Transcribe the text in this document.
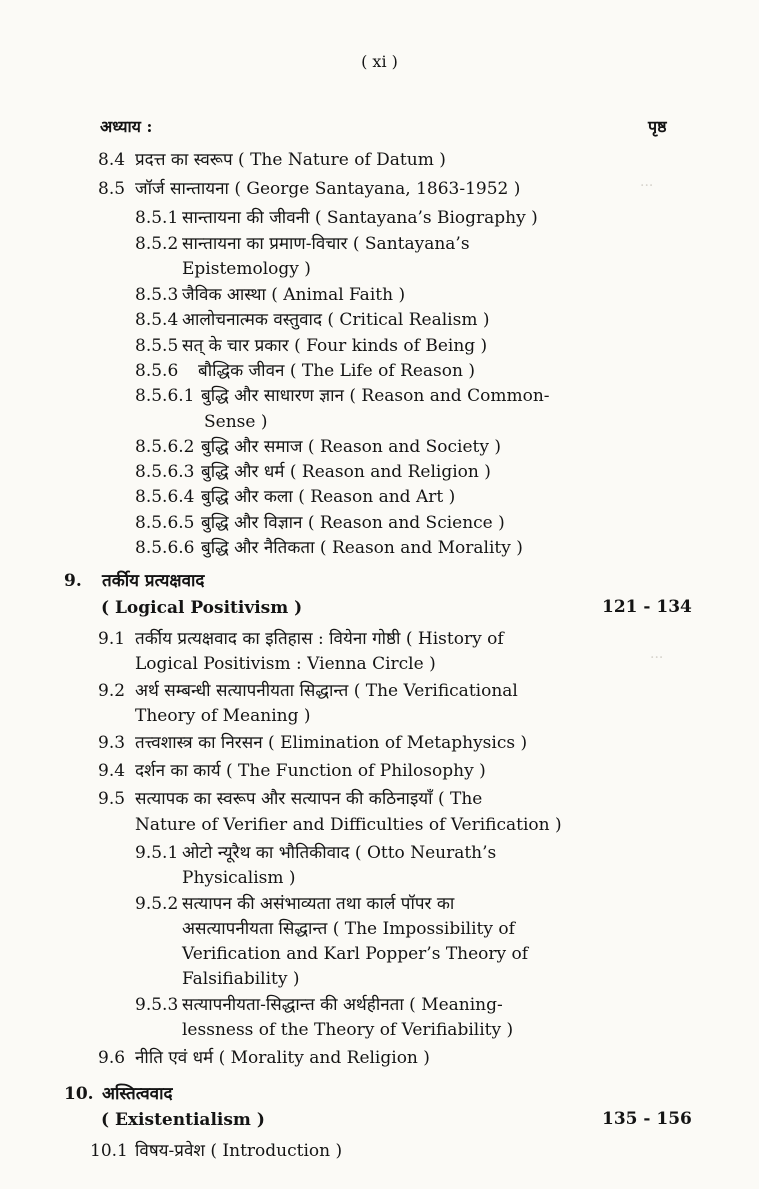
( xi )
अध्याय :	पृष्ठ
···
···
8.4 प्रदत्त का स्वरूप ( The Nature of Datum )
8.5 जॉर्ज सान्तायना ( George Santayana, 1863-1952 )
8.5.1 सान्तायना की जीवनी ( Santayana’s Biography )
8.5.2 सान्तायना का प्रमाण-विचार ( Santayana’s
Epistemology )
8.5.3 जैविक आस्था ( Animal Faith )
8.5.4 आलोचनात्मक वस्तुवाद ( Critical Realism )
8.5.5 सत् के चार प्रकार ( Four kinds of Being )
8.5.6 बौद्धिक जीवन ( The Life of Reason )
8.5.6.1 बुद्धि और साधारण ज्ञान ( Reason and Common-
Sense )
8.5.6.2 बुद्धि और समाज ( Reason and Society )
8.5.6.3 बुद्धि और धर्म ( Reason and Religion )
8.5.6.4 बुद्धि और कला ( Reason and Art )
8.5.6.5 बुद्धि और विज्ञान ( Reason and Science )
8.5.6.6 बुद्धि और नैतिकता ( Reason and Morality )
9. तर्कीय प्रत्यक्षवाद
( Logical Positivism )	121 - 134
9.1 तर्कीय प्रत्यक्षवाद का इतिहास : वियेना गोष्ठी ( History of
Logical Positivism : Vienna Circle )
9.2 अर्थ सम्बन्धी सत्यापनीयता सिद्धान्त ( The Verificational
Theory of Meaning )
9.3 तत्त्वशास्त्र का निरसन ( Elimination of Metaphysics )
9.4 दर्शन का कार्य ( The Function of Philosophy )
9.5 सत्यापक का स्वरूप और सत्यापन की कठिनाइयाँ ( The
Nature of Verifier and Difficulties of Verification )
9.5.1 ओटो न्यूरैथ का भौतिकीवाद ( Otto Neurath’s
Physicalism )
9.5.2 सत्यापन की असंभाव्यता तथा कार्ल पॉपर का
असत्यापनीयता सिद्धान्त ( The Impossibility of
Verification and Karl Popper’s Theory of
Falsifiability )
9.5.3 सत्यापनीयता-सिद्धान्त की अर्थहीनता ( Meaning-
lessness of the Theory of Verifiability )
9.6 नीति एवं धर्म ( Morality and Religion )
10. अस्तित्ववाद
( Existentialism )	135 - 156
10.1 विषय-प्रवेश ( Introduction )
